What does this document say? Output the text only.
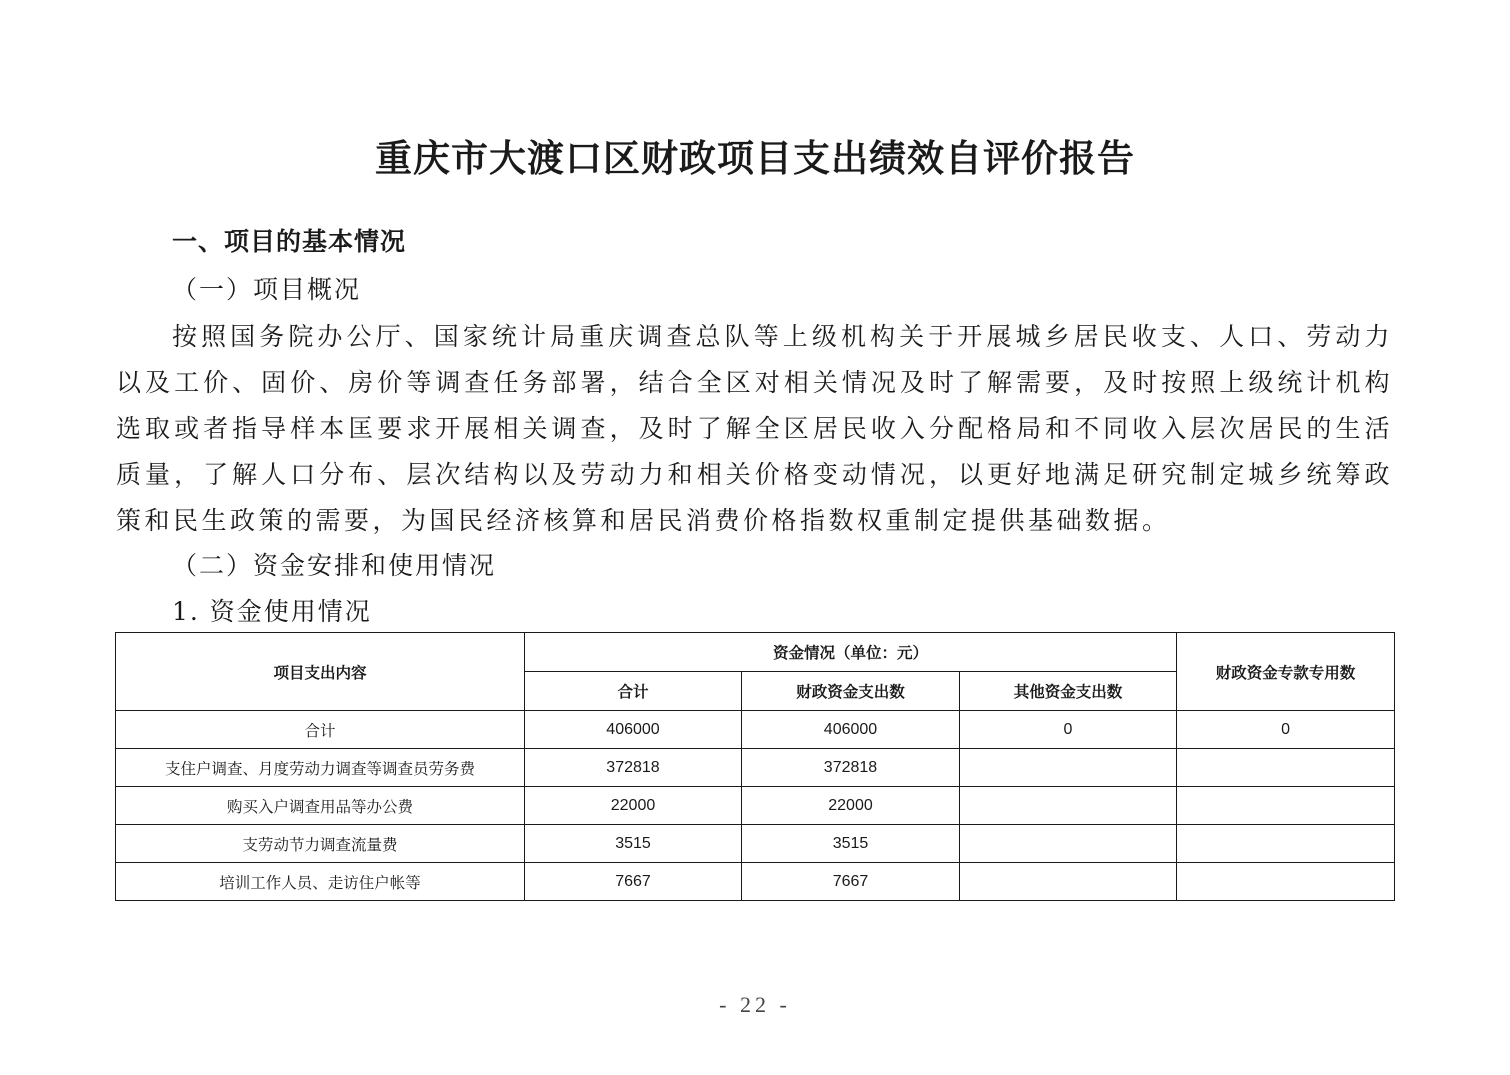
重庆市大渡口区财政项目支出绩效自评价报告
一、项目的基本情况
（一）项目概况

按照国务院办公厅、国家统计局重庆调查总队等上级机构关于开展城乡居民收支、人口、劳动力以及工价、固价、房价等调查任务部署，结合全区对相关情况及时了解需要，及时按照上级统计机构选取或者指导样本匡要求开展相关调查，及时了解全区居民收入分配格局和不同收入层次居民的生活质量，了解人口分布、层次结构以及劳动力和相关价格变动情况，以更好地满足研究制定城乡统筹政策和民生政策的需要，为国民经济核算和居民消费价格指数权重制定提供基础数据。

（二）资金安排和使用情况
1. 资金使用情况
项目支出内容	资金情况（单位：元）			财政资金专款专用数
	合计	财政资金支出数	其他资金支出数	
合计	406000	406000	0	0
支住户调查、月度劳动力调查等调查员劳务费	372818	372818		
购买入户调查用品等办公费	22000	22000		
支劳动节力调查流量费	3515	3515		
培训工作人员、走访住户帐等	7667	7667		
- 22 -
